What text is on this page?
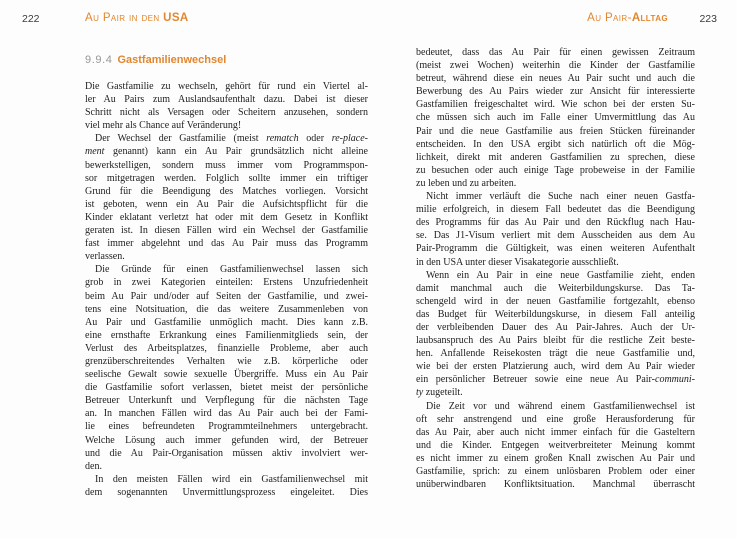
222	Au Pair in den USA	Au Pair-Alltag	223
9.9.4 Gastfamilienwechsel
Die Gastfamilie zu wechseln, gehört für rund ein Viertel al-
ler Au Pairs zum Auslandsaufenthalt dazu. Dabei ist dieser
Schritt nicht als Versagen oder Scheitern anzusehen, sondern
viel mehr als Chance auf Veränderung!
Der Wechsel der Gastfamilie (meist rematch oder re-place-
ment genannt) kann ein Au Pair grundsätzlich nicht alleine
bewerkstelligen, sondern muss immer vom Programmspon-
sor mitgetragen werden. Folglich sollte immer ein triftiger
Grund für die Beendigung des Matches vorliegen. Vorsicht
ist geboten, wenn ein Au Pair die Aufsichtspflicht für die
Kinder eklatant verletzt hat oder mit dem Gesetz in Konflikt
geraten ist. In diesen Fällen wird ein Wechsel der Gastfamilie
fast immer abgelehnt und das Au Pair muss das Programm
verlassen.
Die Gründe für einen Gastfamilienwechsel lassen sich
grob in zwei Kategorien einteilen: Erstens Unzufriedenheit
beim Au Pair und/oder auf Seiten der Gastfamilie, und zwei-
tens eine Notsituation, die das weitere Zusammenleben von
Au Pair und Gastfamilie unmöglich macht. Dies kann z.B.
eine ernsthafte Erkrankung eines Familienmitglieds sein, der
Verlust des Arbeitsplatzes, finanzielle Probleme, aber auch
grenzüberschreitendes Verhalten wie z.B. körperliche oder
seelische Gewalt sowie sexuelle Übergriffe. Muss ein Au Pair
die Gastfamilie sofort verlassen, bietet meist der persönliche
Betreuer Unterkunft und Verpflegung für die nächsten Tage
an. In manchen Fällen wird das Au Pair auch bei der Fami-
lie eines befreundeten Programmteilnehmers untergebracht.
Welche Lösung auch immer gefunden wird, der Betreuer
und die Au Pair-Organisation müssen aktiv involviert wer-
den.
In den meisten Fällen wird ein Gastfamilienwechsel mit
dem sogenannten Unvermittlungsprozess eingeleitet. Dies
bedeutet, dass das Au Pair für einen gewissen Zeitraum
(meist zwei Wochen) weiterhin die Kinder der Gastfamilie
betreut, während diese ein neues Au Pair sucht und auch die
Bewerbung des Au Pairs wieder zur Ansicht für interessierte
Gastfamilien freigeschaltet wird. Wie schon bei der ersten Su-
che müssen sich auch im Falle einer Umvermittlung das Au
Pair und die neue Gastfamilie aus freien Stücken füreinander
entscheiden. In den USA ergibt sich natürlich oft die Mög-
lichkeit, direkt mit anderen Gastfamilien zu sprechen, diese
zu besuchen oder auch einige Tage probeweise in der Familie
zu leben und zu arbeiten.
Nicht immer verläuft die Suche nach einer neuen Gastfa-
milie erfolgreich, in diesem Fall bedeutet das die Beendigung
des Programms für das Au Pair und den Rückflug nach Hau-
se. Das J1-Visum verliert mit dem Ausscheiden aus dem Au
Pair-Programm die Gültigkeit, was einen weiteren Aufenthalt
in den USA unter dieser Visakategorie ausschließt.
Wenn ein Au Pair in eine neue Gastfamilie zieht, enden
damit manchmal auch die Weiterbildungskurse. Das Ta-
schengeld wird in der neuen Gastfamilie fortgezahlt, ebenso
das Budget für Weiterbildungskurse, in diesem Fall anteilig
der verbleibenden Dauer des Au Pair-Jahres. Auch der Ur-
laubsanspruch des Au Pairs bleibt für die restliche Zeit beste-
hen. Anfallende Reisekosten trägt die neue Gastfamilie und,
wie bei der ersten Platzierung auch, wird dem Au Pair wieder
ein persönlicher Betreuer sowie eine neue Au Pair-communi-
ty zugeteilt.
Die Zeit vor und während einem Gastfamilienwechsel ist
oft sehr anstrengend und eine große Herausforderung für
das Au Pair, aber auch nicht immer einfach für die Gasteltern
und die Kinder. Entgegen weitverbreiteter Meinung kommt
es nicht immer zu einem großen Knall zwischen Au Pair und
Gastfamilie, sprich: zu einem unlösbaren Problem oder einer
unüberwindbaren Konfliktsituation. Manchmal überrascht
